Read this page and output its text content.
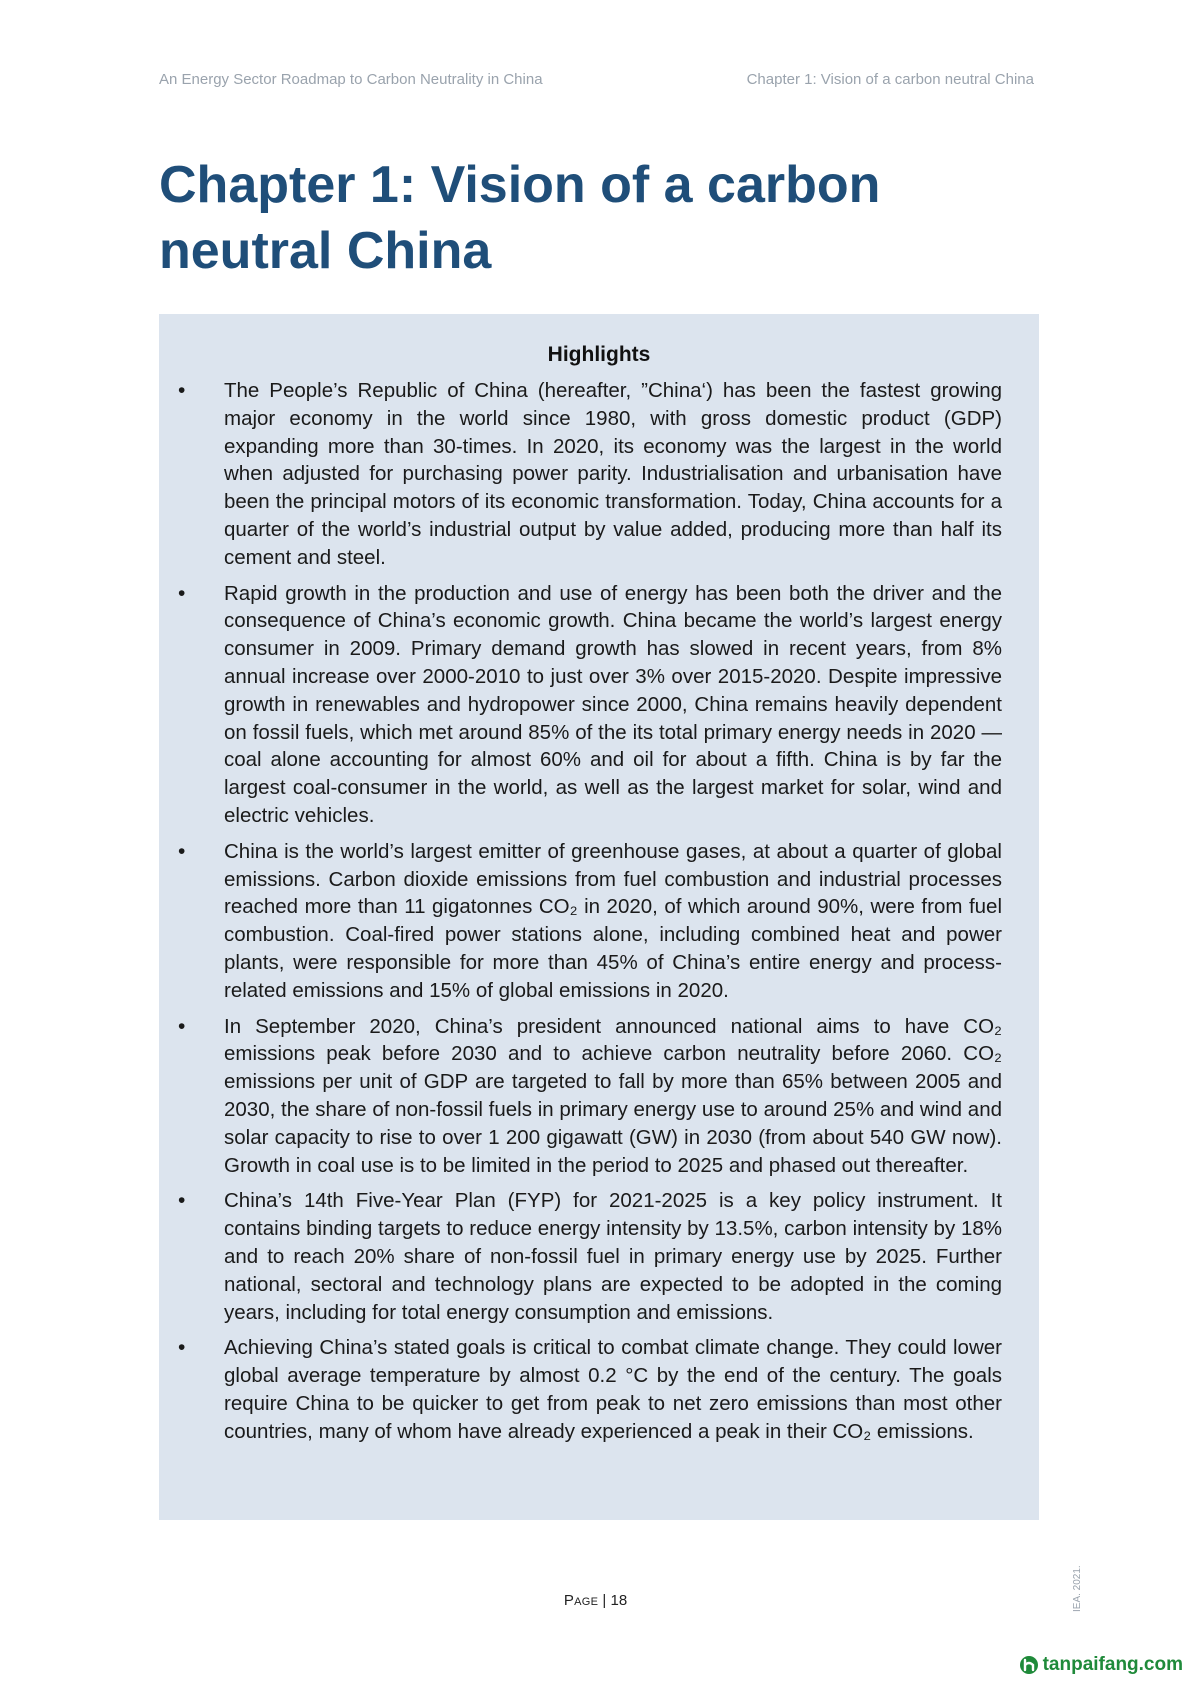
An Energy Sector Roadmap to Carbon Neutrality in China	Chapter 1: Vision of a carbon neutral China
Chapter 1: Vision of a carbon
neutral China
Highlights
•	The People’s Republic of China (hereafter, ”China‘) has been the fastest growing major economy in the world since 1980, with gross domestic product (GDP) expanding more than 30-times. In 2020, its economy was the largest in the world when adjusted for purchasing power parity. Industrialisation and urbanisation have been the principal motors of its economic transformation. Today, China accounts for a quarter of the world’s industrial output by value added, producing more than half its cement and steel.
•	Rapid growth in the production and use of energy has been both the driver and the consequence of China’s economic growth. China became the world’s largest energy consumer in 2009. Primary demand growth has slowed in recent years, from 8% annual increase over 2000-2010 to just over 3% over 2015-2020. Despite impressive growth in renewables and hydropower since 2000, China remains heavily dependent on fossil fuels, which met around 85% of the its total primary energy needs in 2020 —coal alone accounting for almost 60% and oil for about a fifth. China is by far the largest coal-consumer in the world, as well as the largest market for solar, wind and electric vehicles.
•	China is the world’s largest emitter of greenhouse gases, at about a quarter of global emissions. Carbon dioxide emissions from fuel combustion and industrial processes reached more than 11 gigatonnes CO₂ in 2020, of which around 90%, were from fuel combustion. Coal-fired power stations alone, including combined heat and power plants, were responsible for more than 45% of China’s entire energy and process-related emissions and 15% of global emissions in 2020.
•	In September 2020, China’s president announced national aims to have CO₂ emissions peak before 2030 and to achieve carbon neutrality before 2060. CO₂ emissions per unit of GDP are targeted to fall by more than 65% between 2005 and 2030, the share of non-fossil fuels in primary energy use to around 25% and wind and solar capacity to rise to over 1 200 gigawatt (GW) in 2030 (from about 540 GW now). Growth in coal use is to be limited in the period to 2025 and phased out thereafter.
•	China’s 14th Five-Year Plan (FYP) for 2021-2025 is a key policy instrument. It contains binding targets to reduce energy intensity by 13.5%, carbon intensity by 18% and to reach 20% share of non-fossil fuel in primary energy use by 2025. Further national, sectoral and technology plans are expected to be adopted in the coming years, including for total energy consumption and emissions.
•	Achieving China’s stated goals is critical to combat climate change. They could lower global average temperature by almost 0.2 °C by the end of the century. The goals require China to be quicker to get from peak to net zero emissions than most other countries, many of whom have already experienced a peak in their CO₂ emissions.
Page | 18	IEA. 2021.
tanpaifang.com
